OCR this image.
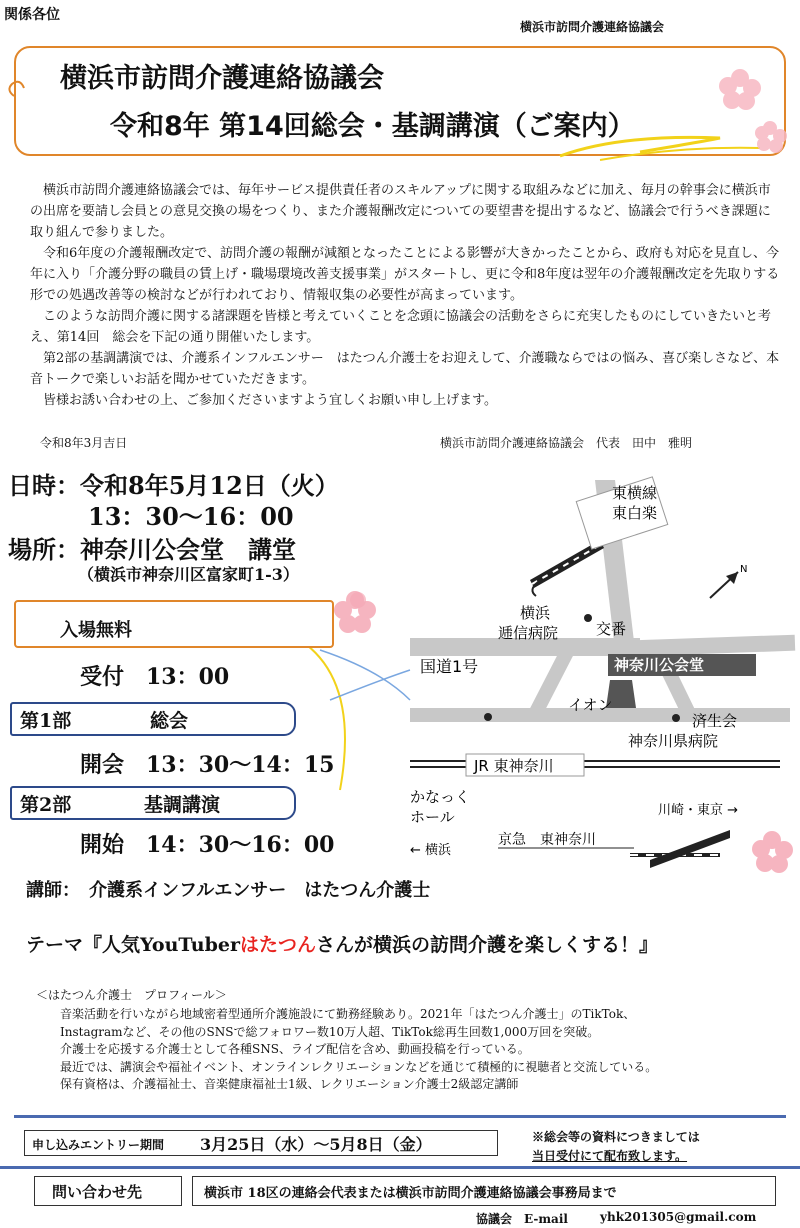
関係各位
横浜市訪問介護連絡協議会
横浜市訪問介護連絡協議会
令和8年 第14回総会・基調講演（ご案内）

横浜市訪問介護連絡協議会では、毎年サービス提供責任者のスキルアップに関する取組みなどに加え、毎月の幹事会に横浜市の出席を要請し会員との意見交換の場をつくり、また介護報酬改定についての要望書を提出するなど、協議会で行うべき課題に取り組んで参りました。

令和6年度の介護報酬改定で、訪問介護の報酬が減額となったことによる影響が大きかったことから、政府も対応を見直し、今年に入り「介護分野の職員の賃上げ・職場環境改善支援事業」がスタートし、更に令和8年度は翌年の介護報酬改定を先取りする形での処遇改善等の検討などが行われており、情報収集の必要性が高まっています。

このような訪問介護に関する諸課題を皆様と考えていくことを念頭に協議会の活動をさらに充実したものにしていきたいと考え、第14回　総会を下記の通り開催いたします。

第2部の基調講演では、介護系インフルエンサー　はたつん介護士をお迎えして、介護職ならではの悩み、喜び楽しさなど、本音トークで楽しいお話を聞かせていただきます。

皆様お誘い合わせの上、ご参加くださいますよう宜しくお願い申し上げます。

令和8年3月吉日	横浜市訪問介護連絡協議会　代表　田中　雅明
日時：令和8年5月12日（火）
13：30～16：00
場所：神奈川公会堂　講堂
（横浜市神奈川区富家町1-3）
入場無料
受付　13：00
第1部	総会
開会　13：30～14：15
第2部	基調講演
開始　14：30～16：00
東横線
東白楽
N
横浜
逓信病院	交番
国道1号	神奈川公会堂
イオン
済生会
神奈川県病院
JR 東神奈川
かなっく
ホール	川崎・東京 →
← 横浜
京急　東神奈川
講師：　介護系インフルエンサー　はたつん介護士
テーマ『人気YouTuberはたつんさんが横浜の訪問介護を楽しくする！』
＜はたつん介護士　プロフィール＞

音楽活動を行いながら地域密着型通所介護施設にて勤務経験あり。2021年「はたつん介護士」のTikTok、

Instagramなど、その他のSNSで総フォロワー数10万人超、TikTok総再生回数1,000万回を突破。

介護士を応援する介護士として各種SNS、ライブ配信を含め、動画投稿を行っている。

最近では、講演会や福祉イベント、オンラインレクリエーションなどを通じて積極的に視聴者と交流している。

保有資格は、介護福祉士、音楽健康福祉士1級、レクリエーション介護士2級認定講師

申し込みエントリー期間 3月25日（水）～5月8日（金）	※総会等の資料につきましては
当日受付にて配布致します。
問い合わせ先	横浜市 18区の連絡会代表または横浜市訪問介護連絡協議会事務局まで
協議会　E-mail	yhk201305@gmail.com
